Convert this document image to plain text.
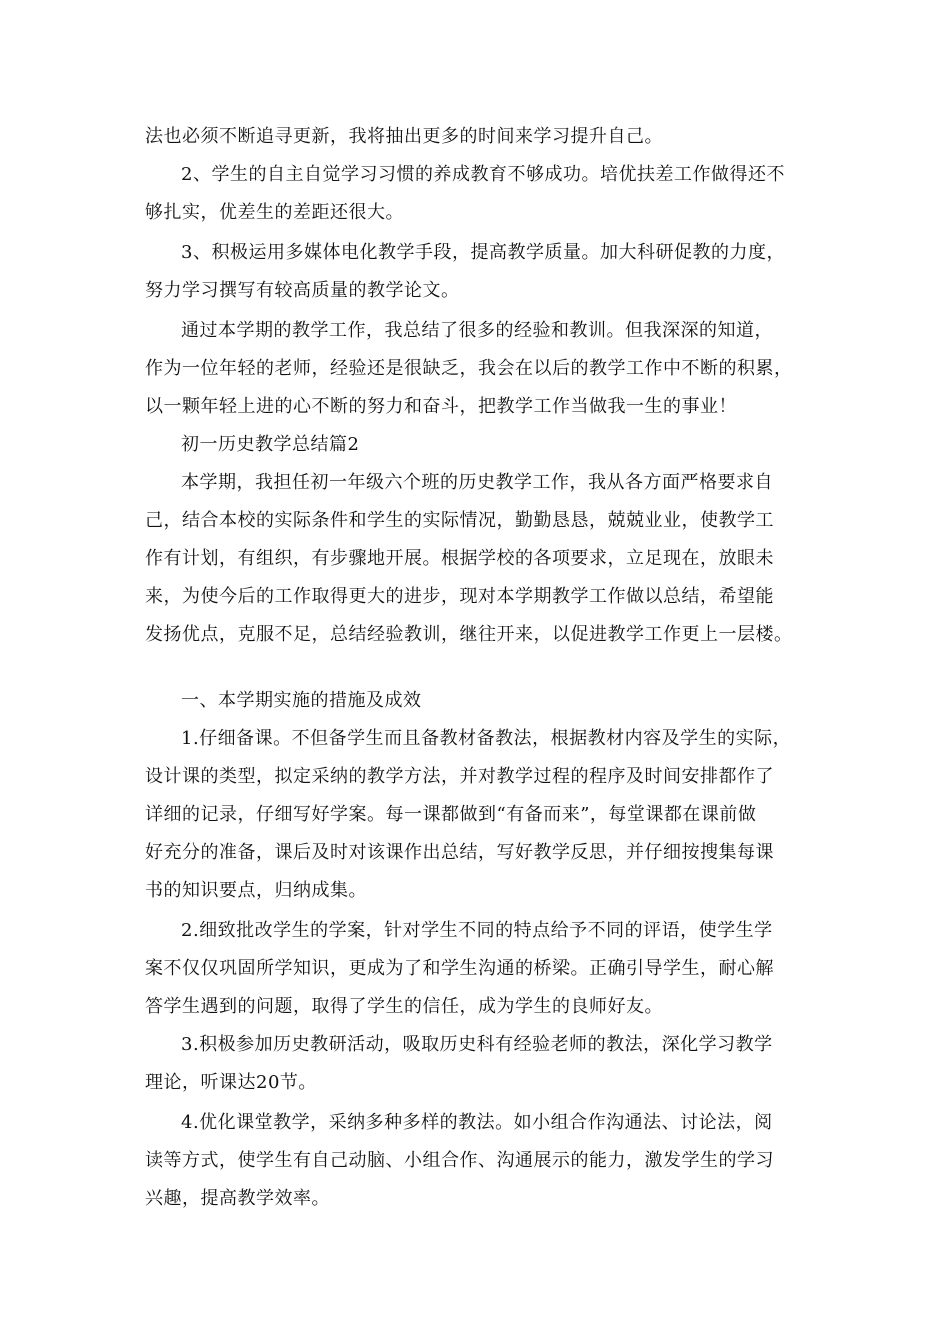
法也必须不断追寻更新，我将抽出更多的时间来学习提升自己。
2、学生的自主自觉学习习惯的养成教育不够成功。培优扶差工作做得还不
够扎实，优差生的差距还很大。
3、积极运用多媒体电化教学手段，提高教学质量。加大科研促教的力度，
努力学习撰写有较高质量的教学论文。
通过本学期的教学工作，我总结了很多的经验和教训。但我深深的知道，
作为一位年轻的老师，经验还是很缺乏，我会在以后的教学工作中不断的积累，
以一颗年轻上进的心不断的努力和奋斗，把教学工作当做我一生的事业！
初一历史教学总结篇2
本学期，我担任初一年级六个班的历史教学工作，我从各方面严格要求自
己，结合本校的实际条件和学生的实际情况，勤勤恳恳，兢兢业业，使教学工
作有计划，有组织，有步骤地开展。根据学校的各项要求，立足现在，放眼未
来，为使今后的工作取得更大的进步，现对本学期教学工作做以总结，希望能
发扬优点，克服不足，总结经验教训，继往开来，以促进教学工作更上一层楼。
一、本学期实施的措施及成效
1.仔细备课。不但备学生而且备教材备教法，根据教材内容及学生的实际，
设计课的类型，拟定采纳的教学方法，并对教学过程的程序及时间安排都作了
详细的记录，仔细写好学案。每一课都做到“有备而来”，每堂课都在课前做
好充分的准备，课后及时对该课作出总结，写好教学反思，并仔细按搜集每课
书的知识要点，归纳成集。
2.细致批改学生的学案，针对学生不同的特点给予不同的评语，使学生学
案不仅仅巩固所学知识，更成为了和学生沟通的桥梁。正确引导学生，耐心解
答学生遇到的问题，取得了学生的信任，成为学生的良师好友。
3.积极参加历史教研活动，吸取历史科有经验老师的教法，深化学习教学
理论，听课达20节。
4.优化课堂教学，采纳多种多样的教法。如小组合作沟通法、讨论法，阅
读等方式，使学生有自己动脑、小组合作、沟通展示的能力，激发学生的学习
兴趣，提高教学效率。
